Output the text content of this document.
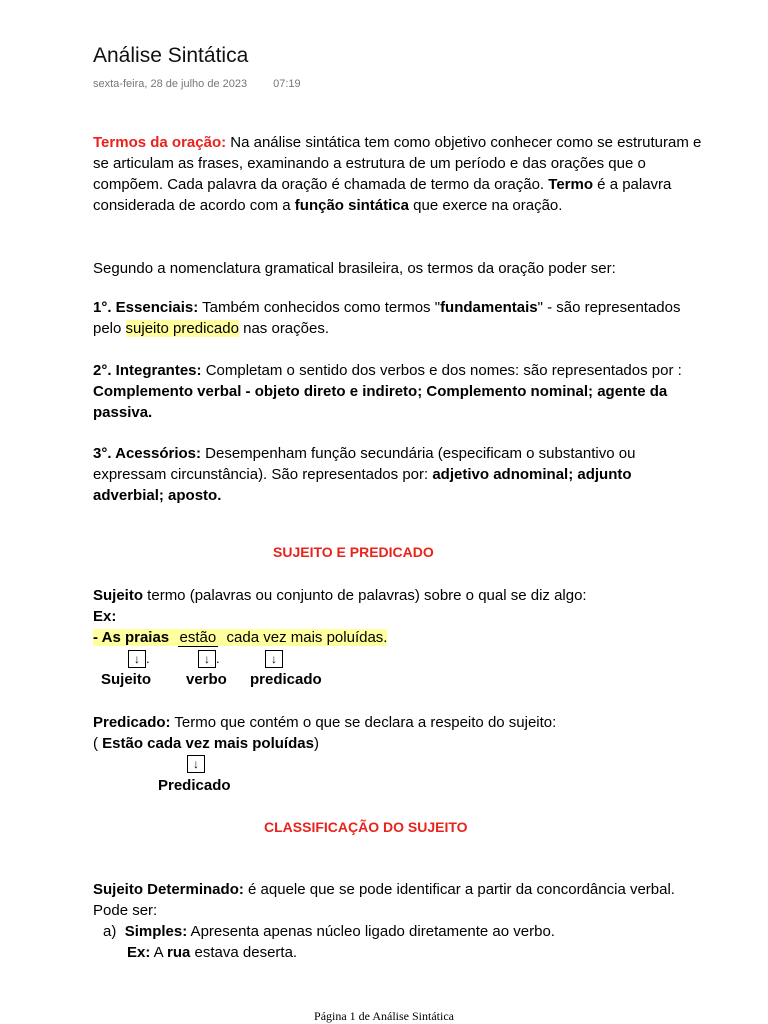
Análise Sintática
sexta-feira, 28 de julho de 2023 07:19
Termos da oração: Na análise sintática tem como objetivo conhecer como se estruturam e se articulam as frases, examinando a estrutura de um período e das orações que o compõem. Cada palavra da oração é chamada de termo da oração. Termo é a palavra considerada de acordo com a função sintática que exerce na oração.
Segundo a nomenclatura gramatical brasileira, os termos da oração poder ser:
1°. Essenciais: Também conhecidos como termos "fundamentais" - são representados pelo sujeito predicado nas orações.
2°. Integrantes: Completam o sentido dos verbos e dos nomes: são representados por : Complemento verbal - objeto direto e indireto; Complemento nominal; agente da passiva.
3°. Acessórios: Desempenham função secundária (especificam o substantivo ou expressam circunstância). São representados por: adjetivo adnominal; adjunto adverbial; aposto.
SUJEITO E PREDICADO
Sujeito termo (palavras ou conjunto de palavras) sobre o qual se diz algo:
Ex:
- As praias estão cada vez mais poluídas.
↓ .	↓ .	↓
Sujeito verbo predicado
Predicado: Termo que contém o que se declara a respeito do sujeito:
( Estão cada vez mais poluídas)
↓
Predicado
CLASSIFICAÇÃO DO SUJEITO
Sujeito Determinado: é aquele que se pode identificar a partir da concordância verbal. Pode ser:
a) Simples: Apresenta apenas núcleo ligado diretamente ao verbo.
Ex: A rua estava deserta.
Página 1 de Análise Sintática
